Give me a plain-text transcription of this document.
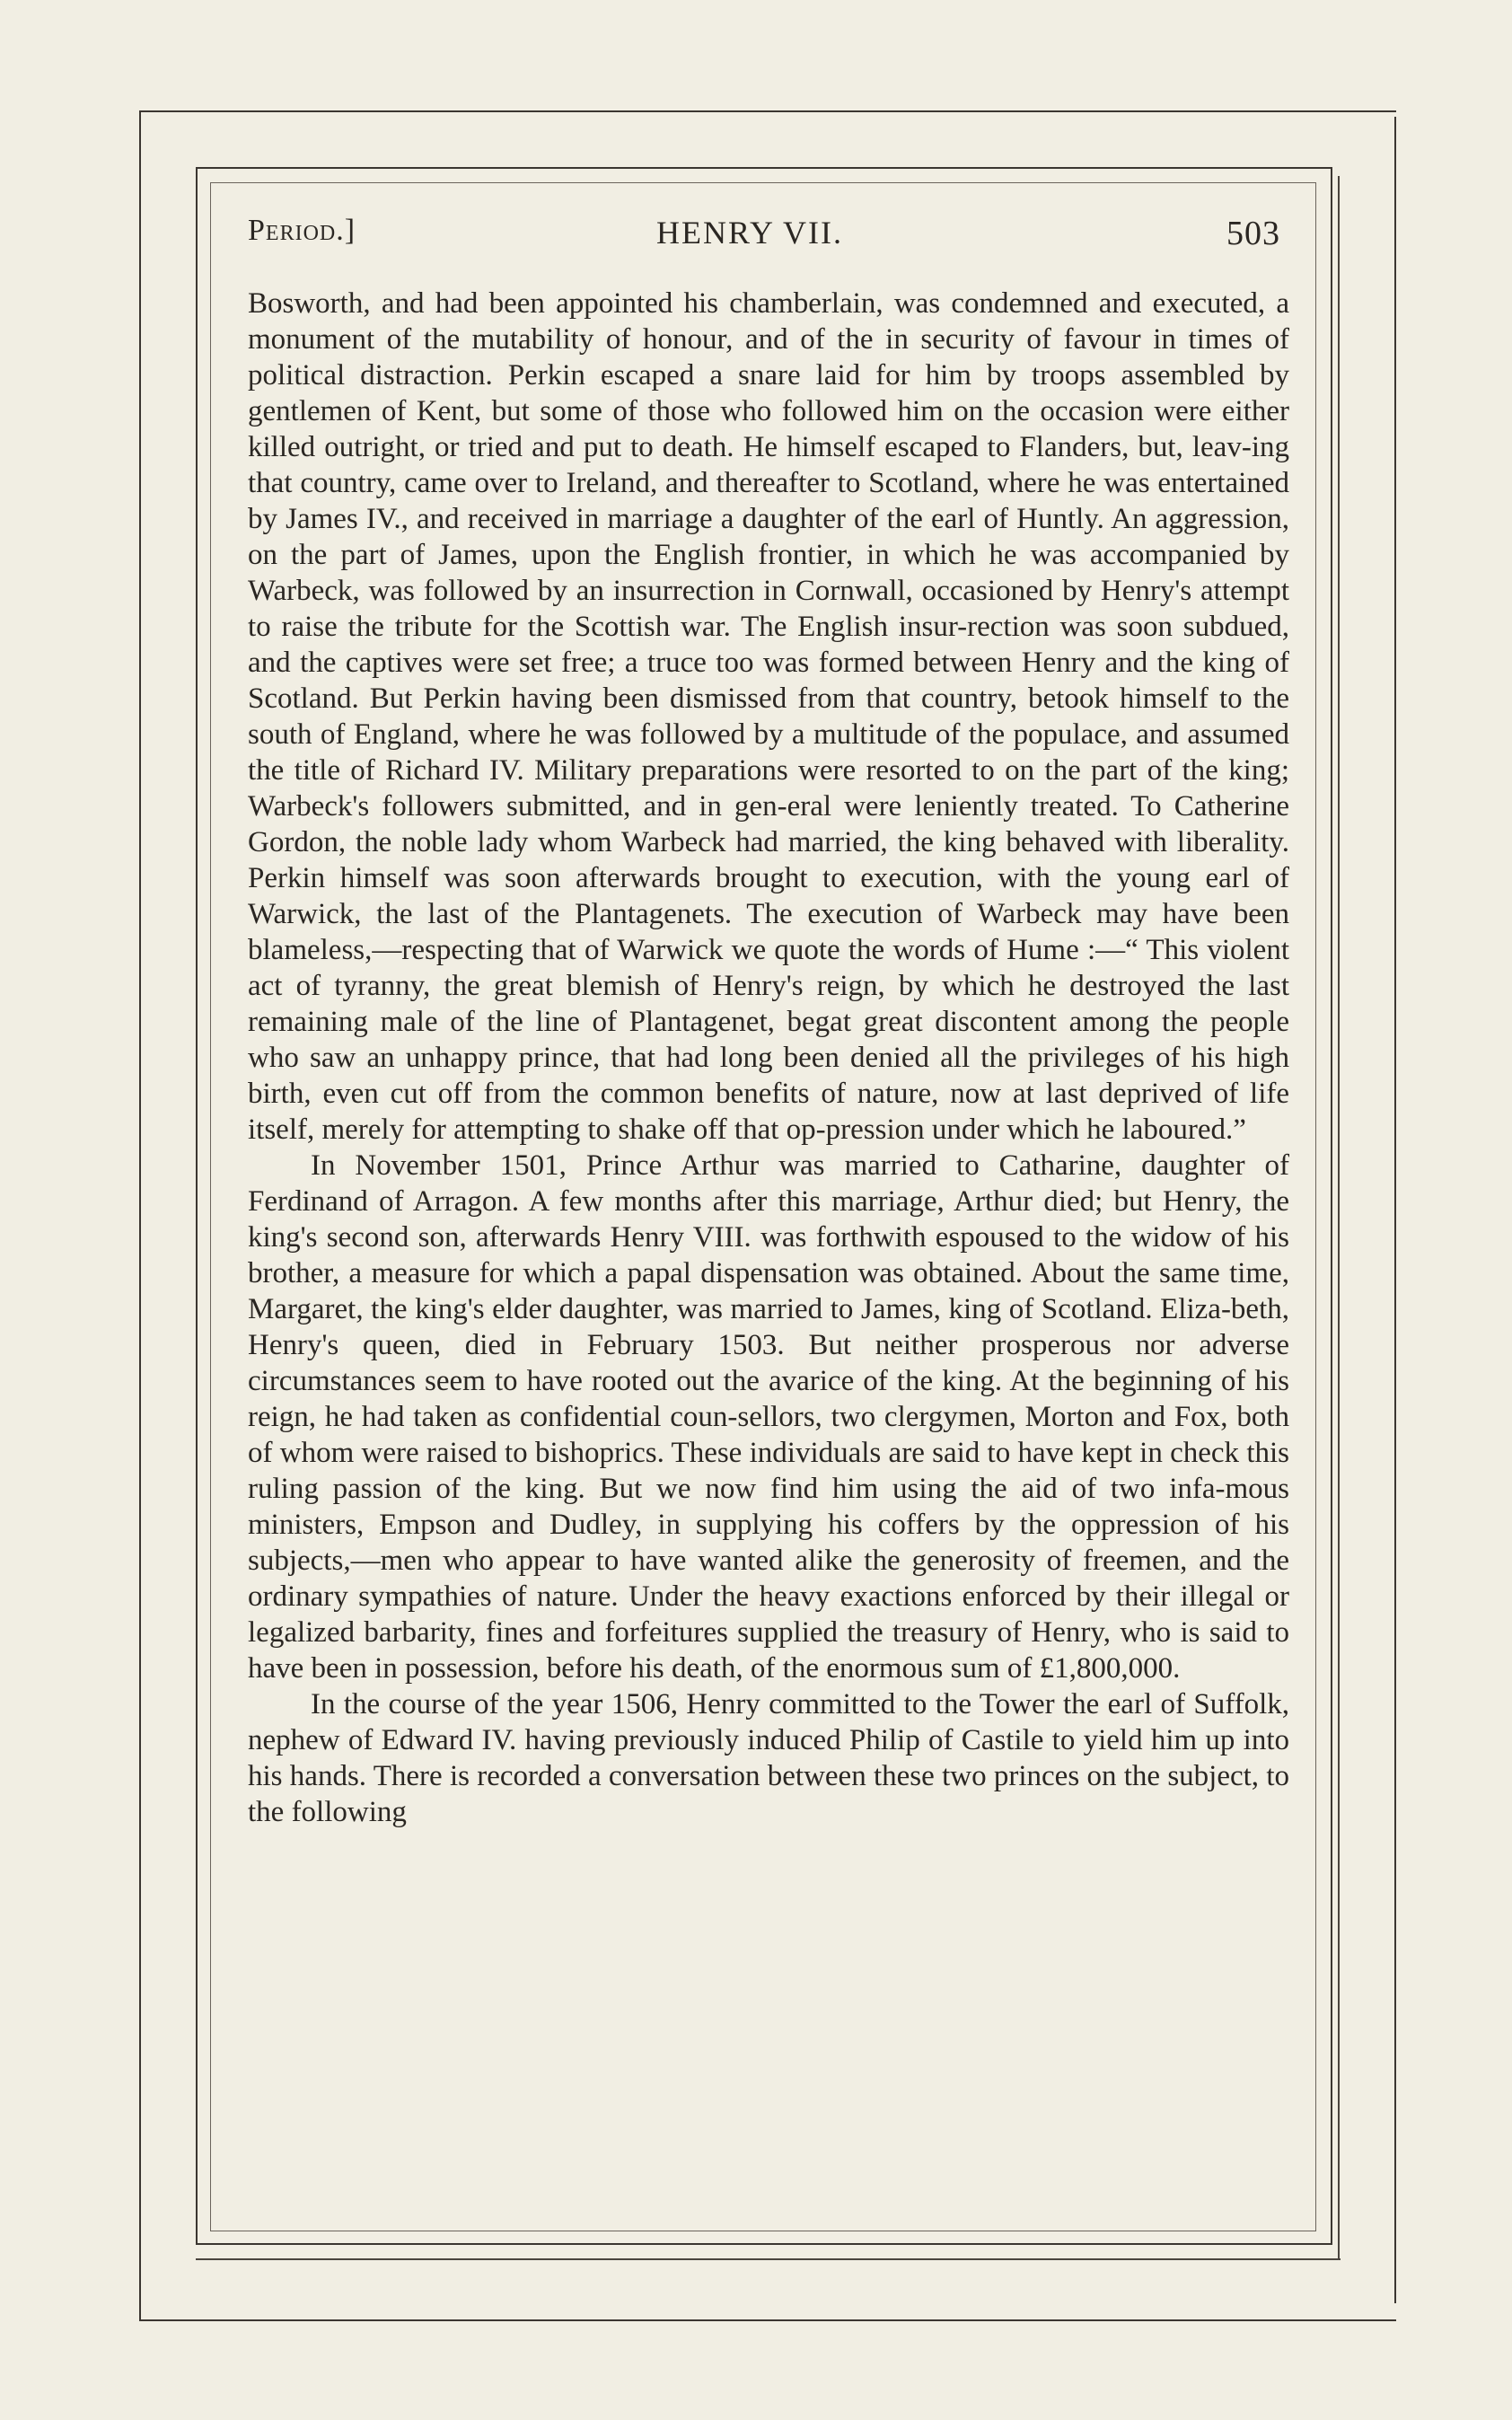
Period.]	HENRY VII.	503

Bosworth, and had been appointed his chamberlain, was condemned and executed, a monument of the mutability of honour, and of the in security of favour in times of political distraction. Perkin escaped a snare laid for him by troops assembled by gentlemen of Kent, but some of those who followed him on the occasion were either killed outright, or tried and put to death. He himself escaped to Flanders, but, leav-ing that country, came over to Ireland, and thereafter to Scotland, where he was entertained by James IV., and received in marriage a daughter of the earl of Huntly. An aggression, on the part of James, upon the English frontier, in which he was accompanied by Warbeck, was followed by an insurrection in Cornwall, occasioned by Henry's attempt to raise the tribute for the Scottish war. The English insur-rection was soon subdued, and the captives were set free; a truce too was formed between Henry and the king of Scotland. But Perkin having been dismissed from that country, betook himself to the south of England, where he was followed by a multitude of the populace, and assumed the title of Richard IV. Military preparations were resorted to on the part of the king; Warbeck's followers submitted, and in gen-eral were leniently treated. To Catherine Gordon, the noble lady whom Warbeck had married, the king behaved with liberality. Perkin himself was soon afterwards brought to execution, with the young earl of Warwick, the last of the Plantagenets. The execution of Warbeck may have been blameless,—respecting that of Warwick we quote the words of Hume :—“ This violent act of tyranny, the great blemish of Henry's reign, by which he destroyed the last remaining male of the line of Plantagenet, begat great discontent among the people who saw an unhappy prince, that had long been denied all the privileges of his high birth, even cut off from the common benefits of nature, now at last deprived of life itself, merely for attempting to shake off that op-pression under which he laboured.”

In November 1501, Prince Arthur was married to Catharine, daughter of Ferdinand of Arragon. A few months after this marriage, Arthur died; but Henry, the king's second son, afterwards Henry VIII. was forthwith espoused to the widow of his brother, a measure for which a papal dispensation was obtained. About the same time, Margaret, the king's elder daughter, was married to James, king of Scotland. Eliza-beth, Henry's queen, died in February 1503. But neither prosperous nor adverse circumstances seem to have rooted out the avarice of the king. At the beginning of his reign, he had taken as confidential coun-sellors, two clergymen, Morton and Fox, both of whom were raised to bishoprics. These individuals are said to have kept in check this ruling passion of the king. But we now find him using the aid of two infa-mous ministers, Empson and Dudley, in supplying his coffers by the oppression of his subjects,—men who appear to have wanted alike the generosity of freemen, and the ordinary sympathies of nature. Under the heavy exactions enforced by their illegal or legalized barbarity, fines and forfeitures supplied the treasury of Henry, who is said to have been in possession, before his death, of the enormous sum of £1,800,000.

In the course of the year 1506, Henry committed to the Tower the earl of Suffolk, nephew of Edward IV. having previously induced Philip of Castile to yield him up into his hands. There is recorded a conversation between these two princes on the subject, to the following
